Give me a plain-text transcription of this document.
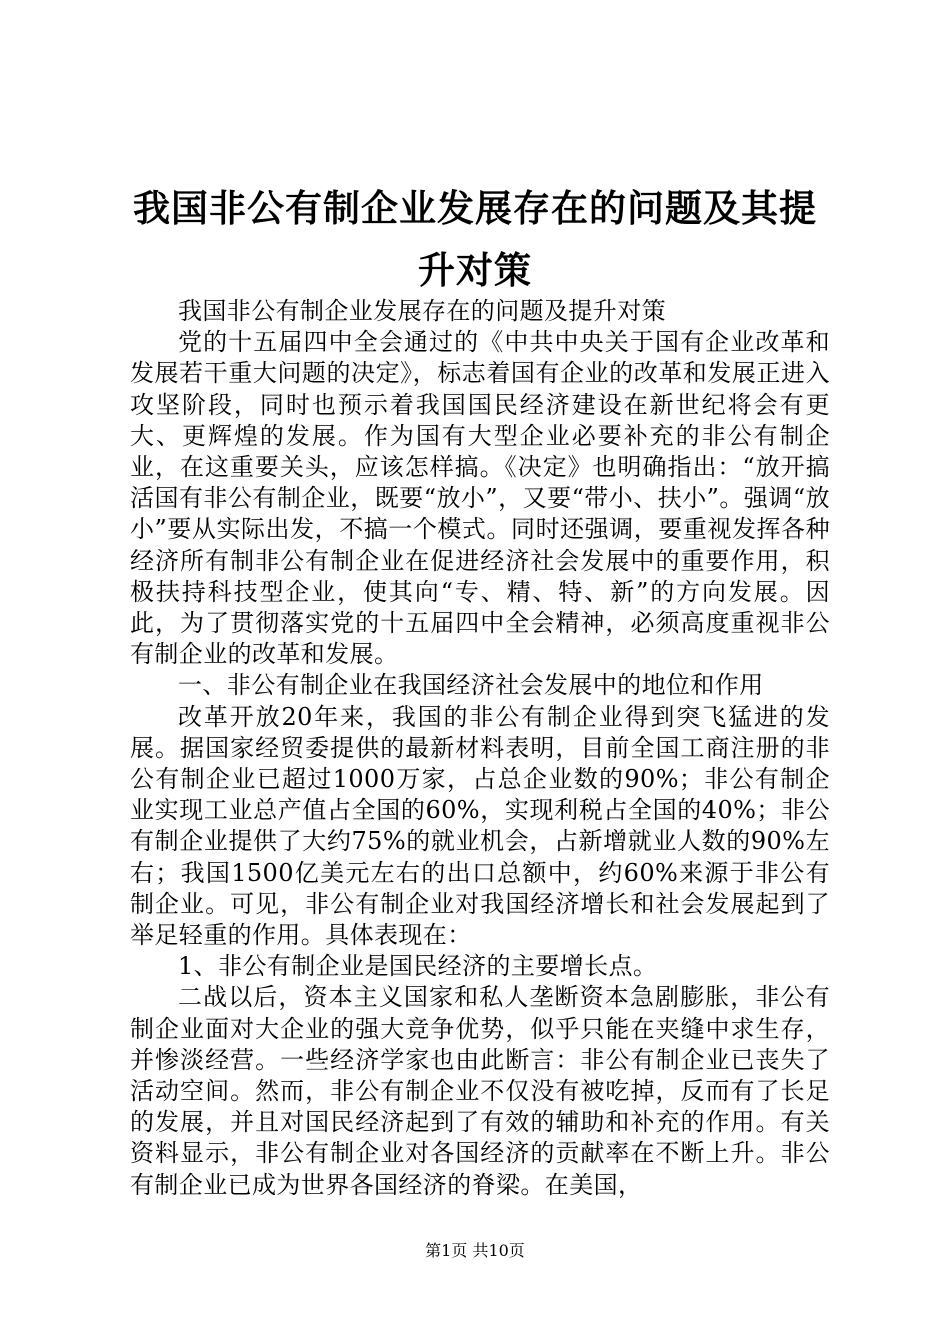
我国非公有制企业发展存在的问题及其提升对策

我国非公有制企业发展存在的问题及提升对策

党的十五届四中全会通过的《中共中央关于国有企业改革和发展若干重大问题的决定》，标志着国有企业的改革和发展正进入攻坚阶段，同时也预示着我国国民经济建设在新世纪将会有更大、更辉煌的发展。作为国有大型企业必要补充的非公有制企业，在这重要关头，应该怎样搞。《决定》也明确指出：“放开搞活国有非公有制企业，既要“放小”，又要“带小、扶小”。强调“放小”要从实际出发，不搞一个模式。同时还强调，要重视发挥各种经济所有制非公有制企业在促进经济社会发展中的重要作用，积极扶持科技型企业，使其向“专、精、特、新”的方向发展。因此，为了贯彻落实党的十五届四中全会精神，必须高度重视非公有制企业的改革和发展。

一、非公有制企业在我国经济社会发展中的地位和作用

改革开放20年来，我国的非公有制企业得到突飞猛进的发展。据国家经贸委提供的最新材料表明，目前全国工商注册的非公有制企业已超过1000万家，占总企业数的90%；非公有制企业实现工业总产值占全国的60%，实现利税占全国的40%；非公有制企业提供了大约75%的就业机会，占新增就业人数的90%左右；我国1500亿美元左右的出口总额中，约60%来源于非公有制企业。可见，非公有制企业对我国经济增长和社会发展起到了举足轻重的作用。具体表现在：

1、非公有制企业是国民经济的主要增长点。

二战以后，资本主义国家和私人垄断资本急剧膨胀，非公有制企业面对大企业的强大竞争优势，似乎只能在夹缝中求生存，并惨淡经营。一些经济学家也由此断言：非公有制企业已丧失了活动空间。然而，非公有制企业不仅没有被吃掉，反而有了长足的发展，并且对国民经济起到了有效的辅助和补充的作用。有关资料显示，非公有制企业对各国经济的贡献率在不断上升。非公有制企业已成为世界各国经济的脊梁。在美国，

第1页 共10页
